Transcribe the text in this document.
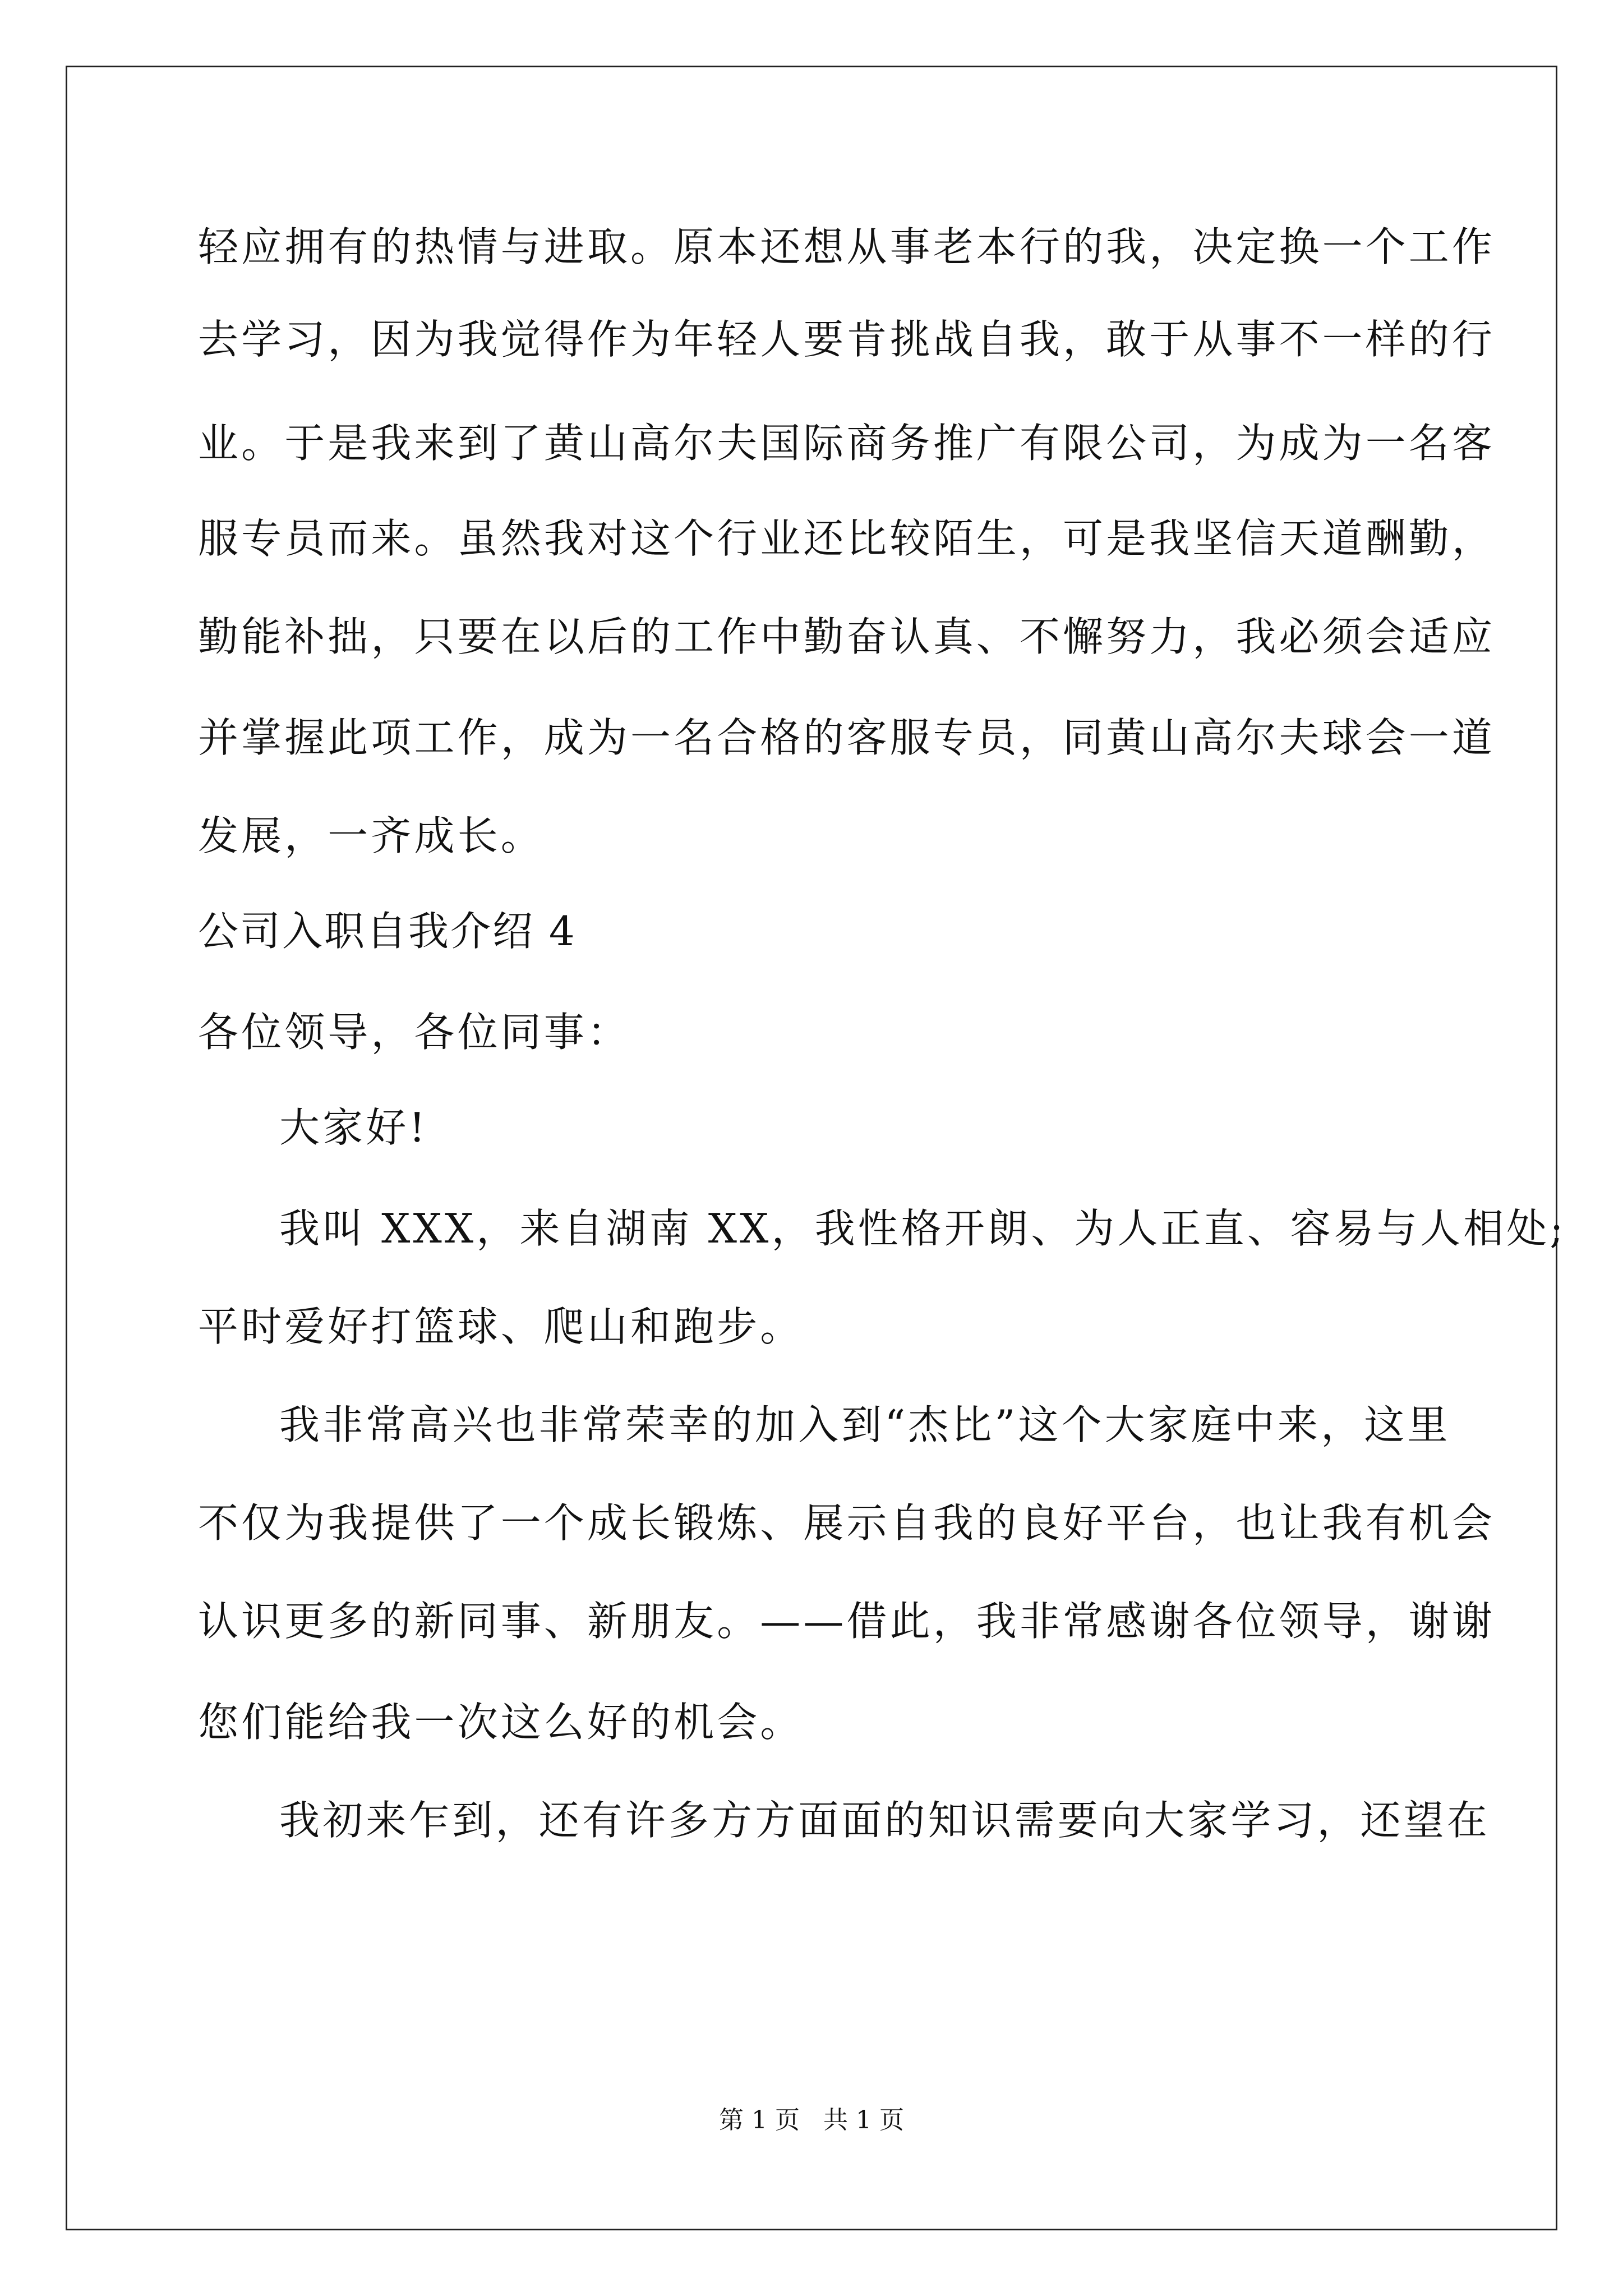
轻应拥有的热情与进取。原本还想从事老本行的我，决定换一个工作
去学习，因为我觉得作为年轻人要肯挑战自我，敢于从事不一样的行
业。于是我来到了黄山高尔夫国际商务推广有限公司，为成为一名客
服专员而来。虽然我对这个行业还比较陌生，可是我坚信天道酬勤，
勤能补拙，只要在以后的工作中勤奋认真、不懈努力，我必须会适应
并掌握此项工作，成为一名合格的客服专员，同黄山高尔夫球会一道
发展，一齐成长。
公司入职自我介绍 4
各位领导，各位同事：
大家好!
我叫 XXX，来自湖南 XX，我性格开朗、为人正直、容易与人相处;
平时爱好打篮球、爬山和跑步。
我非常高兴也非常荣幸的加入到“杰比”这个大家庭中来，这里
不仅为我提供了一个成长锻炼、展示自我的良好平台，也让我有机会
认识更多的新同事、新朋友。——借此，我非常感谢各位领导，谢谢
您们能给我一次这么好的机会。
我初来乍到，还有许多方方面面的知识需要向大家学习，还望在
第 1 页   共 1 页
